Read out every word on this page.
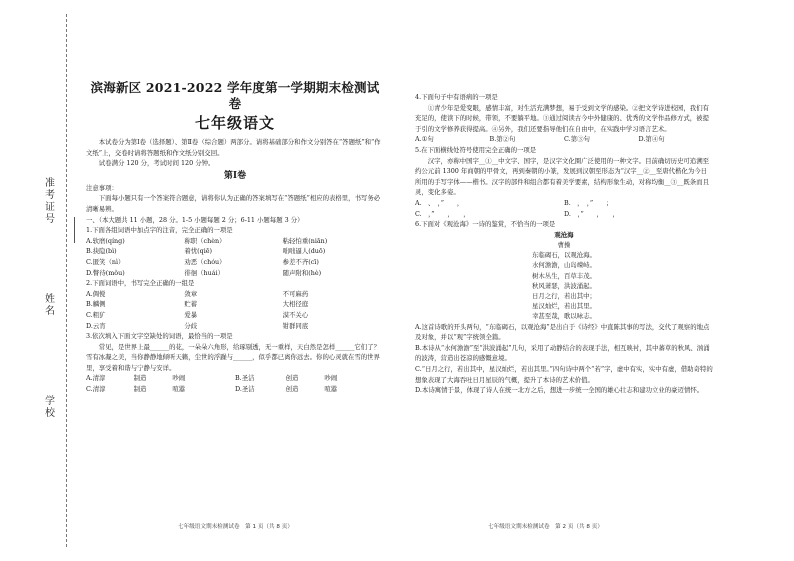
准考证号
姓名
学校
滨海新区 2021-2022 学年度第一学期期末检测试卷
七年级语文
本试卷分为第Ⅰ卷（选择题）、第Ⅱ卷（综合题）两部分。请将基础部分和作文分别答在“答题纸”和“作文纸”上，交卷时请将答题纸和作文纸分别交回。
试卷满分 120 分，考试时间 120 分钟。
第Ⅰ卷
注意事项：
下面每小题只有一个答案符合题意，请将你认为正确的答案填写在“答题纸”相应的表格里，书写务必清晰易辨。
一、（本大题共 11 小题，28 分。1-5 小题每题 2 分；6-11 小题每题 3 分）
1.下面各组词语中加点字的注音，完全正确的一项是
A.软磨(qíng)	称职（chèn）	粘轻怕重(niān)
B.抉隐(bì)	着忧(qiē)	咄咄逼人(duō)
C.匿笑（nì）	劝恶（chóu）	参差不齐(cī)
D.瞥待(mǒu)	徘徊（huái）	随声附和(hè)
2.下面词语中，书写完全正确的一组是
A.倜傥	敛章	不可麻药
B.麟侧	贮蓄	大相径庭
C.粗犷	爱暴	漠不关心
D.云宵	分歧	钳群同底
3.依次填入下面文字空缺处的词语，最恰当的一项是
常见，是世界上最______的花，一朵朵六角形，给琢剔透，无一重样，天白然是怎样______它们了？雪有冰凝之美，当你静静地倾听天籁，尘世的浮躁与______，似乎都已离你远去。你的心灵就在雪的世界里，享受着和谐与宁静与安详。
A.清淳	制造	吵闹	B.圣洁	创造	吵闹
C.清淳	制造	喧嚣	D.圣洁	创造	喧嚣
七年级语文期末检测试卷　第 1 页（共 8 页）
4.下面句子中有语病的一项是
①青少年是爱变眼，感情丰富，对生活充满梦想，易于受到文学的感染。②把文学诗进校园，我们有充足的，使读下的时候，带领，不要躺平地。③通过阅读古今中外健康的、优秀的文学作品修方式，被提于引的文学修养获得提高。④另外，我们还要指导他们在自由中，在实践中学习语言艺术。
A.①句	B.第②句	C.第③句	D.第④句
5.在下面横线处符号使用完全正确的一项是
汉字，亦称中国字__①__中文字、国字，是汉字文化圈广泛使用的一种文字。目前确切历史可追溯至约公元前 1300 年商朝的甲骨文，再到秦朝的小篆，发展到汉朝至形态为“汉字__②__至唐代楷化为今日所用的手写字体——楷书。汉字的部件和组合都有着美学要素，结构形象生动，对称均衡__③__既条而且灵，变化多姿。
A.　、　，”　　，	B.　，　，”　　；
C.　，”　　，　　，	D.　，”　　，　　，
6.下面对《观沧海》一诗的鉴赏，不恰当的一项是
观沧海
曹操
东临碣石，以观沧海。
水何澹澹，山岛竦峙。
树木丛生，百草丰茂。
秋风萧瑟，洪波涌起。
日月之行，若出其中；
星汉灿烂，若出其里。
幸甚至哉，歌以咏志。
A.这首诗歌的开头两句，“东临碣石，以观沧海”是出自于《诗经》中直陈其事的写法，交代了观察的地点及对象，并以“观”字统领全篇。
B.本诗从“水何澹澹”至“洪波涌起”几句，采用了动静结合的表现手法，相互映衬，其中蕃草的秋风、汹涌的波涛，营造出苍凉的感慨意境。
C.“日月之行，若出其中，星汉灿烂，若出其里。”四句诗中两个“若”字，虚中有实，实中有虚，借助奇特的想象表现了大海吞吐日月星辰的气概，提升了本诗的艺术价值。
D.本诗寓情于景，体现了诗人在统一北方之后，想进一步统一全国的雄心壮志和建功立业的豪迈情怀。
七年级语文期末检测试卷　第 2 页（共 8 页）
